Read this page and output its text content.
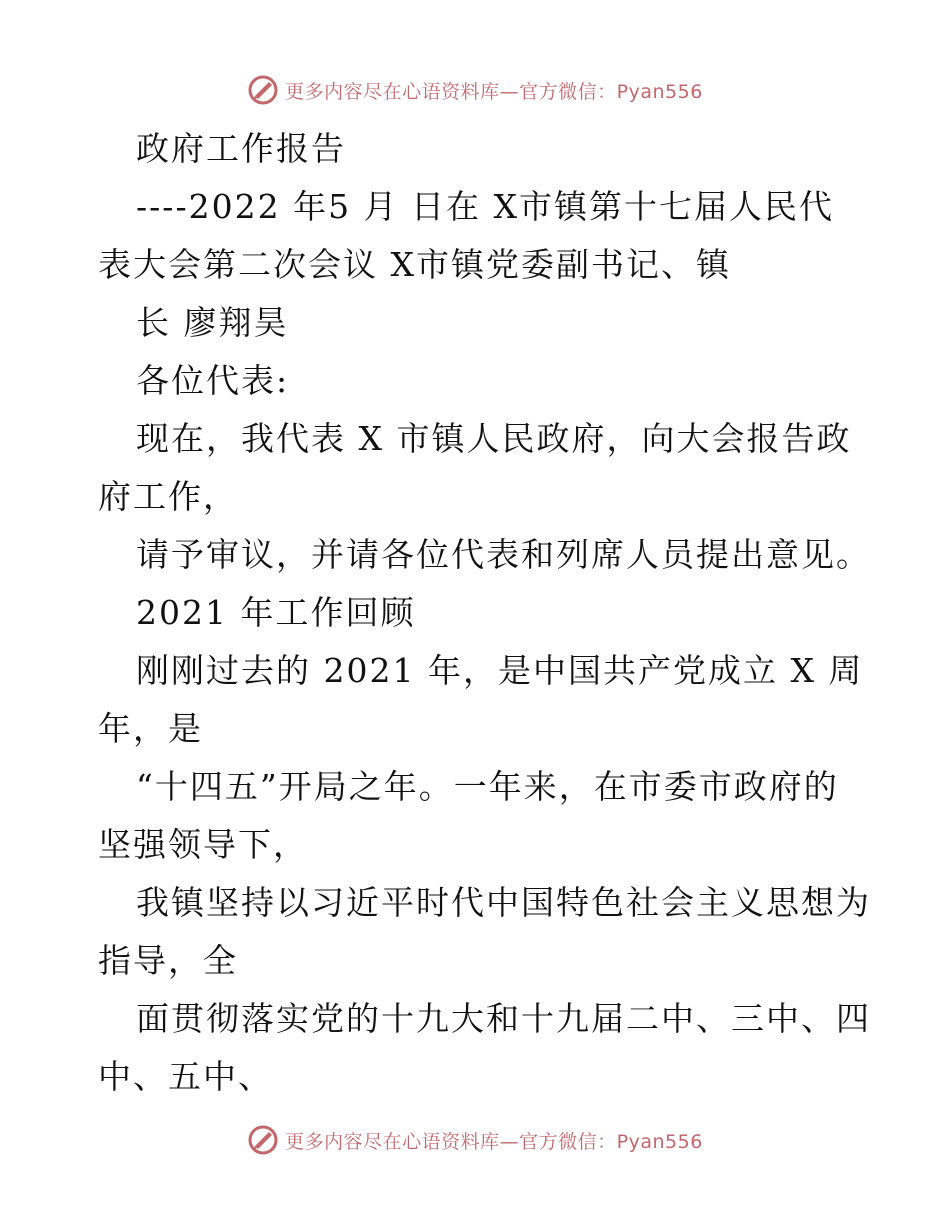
更多内容尽在心语资料库—官方微信：Pyan556
政府工作报告
----2022 年5 月 日在 X市镇第十七届人民代
表大会第二次会议 X市镇党委副书记、镇
长 廖翔昊
各位代表:
现在，我代表 X 市镇人民政府，向大会报告政
府工作，
请予审议，并请各位代表和列席人员提出意见。
2021 年工作回顾
刚刚过去的 2021 年，是中国共产党成立 X 周
年，是
“十四五”开局之年。一年来，在市委市政府的
坚强领导下，
我镇坚持以习近平时代中国特色社会主义思想为
指导，全
面贯彻落实党的十九大和十九届二中、三中、四
中、五中、
更多内容尽在心语资料库—官方微信：Pyan556
